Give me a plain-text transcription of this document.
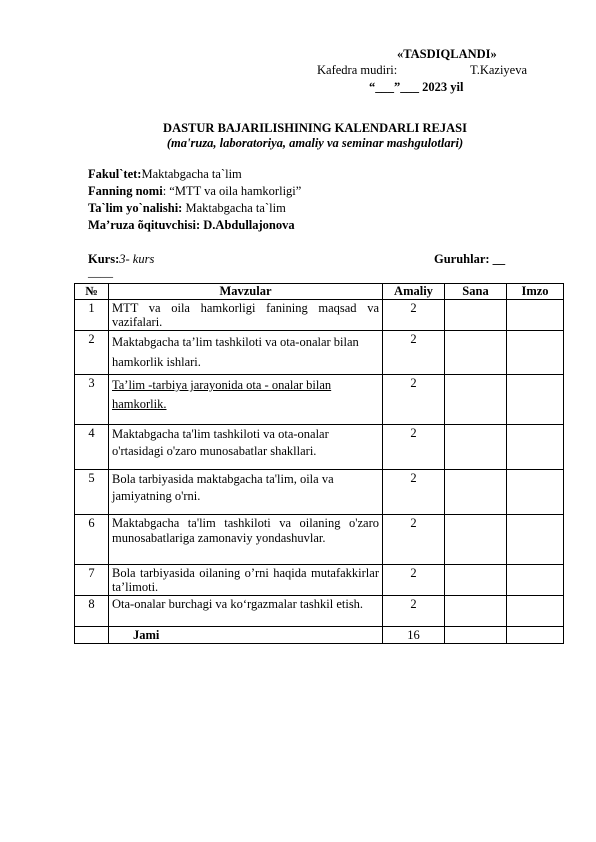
«TASDIQLANDI»
Kafedra mudiri:	T.Kaziyeva
“___”___ 2023 yil
DASTUR BAJARILISHINING KALENDARLI REJASI
(ma'ruza, laboratoriya, amaliy va seminar mashgulotlari)
Fakul`tet:Maktabgacha ta`lim
Fanning nomi: “MTT va oila hamkorligi”
Ta`lim yo`nalishi: Maktabgacha ta`lim
Ma’ruza õqituvchisi: D.Abdullajonova
Kurs:3- kurs	Guruhlar: __
____
№	Mavzular	Amaliy	Sana	Imzo
1	MTT va oila hamkorligi fanining maqsad va vazifalari.	2		
2	Maktabgacha ta’lim tashkiloti va ota-onalar bilan hamkorlik ishlari.	2		
3	Ta’lim -tarbiya jarayonida ota - onalar bilan hamkorlik.	2		
4	Maktabgacha ta'lim tashkiloti va ota-onalar o'rtasidagi o'zaro munosabatlar shakllari.	2		
5	Bola tarbiyasida maktabgacha ta'lim, oila va jamiyatning o'rni.	2		
6	Maktabgacha ta'lim tashkiloti va oilaning o'zaro munosabatlariga zamonaviy yondashuvlar.	2		
7	Bola tarbiyasida oilaning o’rni haqida mutafakkirlar ta’limoti.	2		
8	Ota-onalar burchagi va ko‘rgazmalar tashkil etish.	2		
	Jami	16		
